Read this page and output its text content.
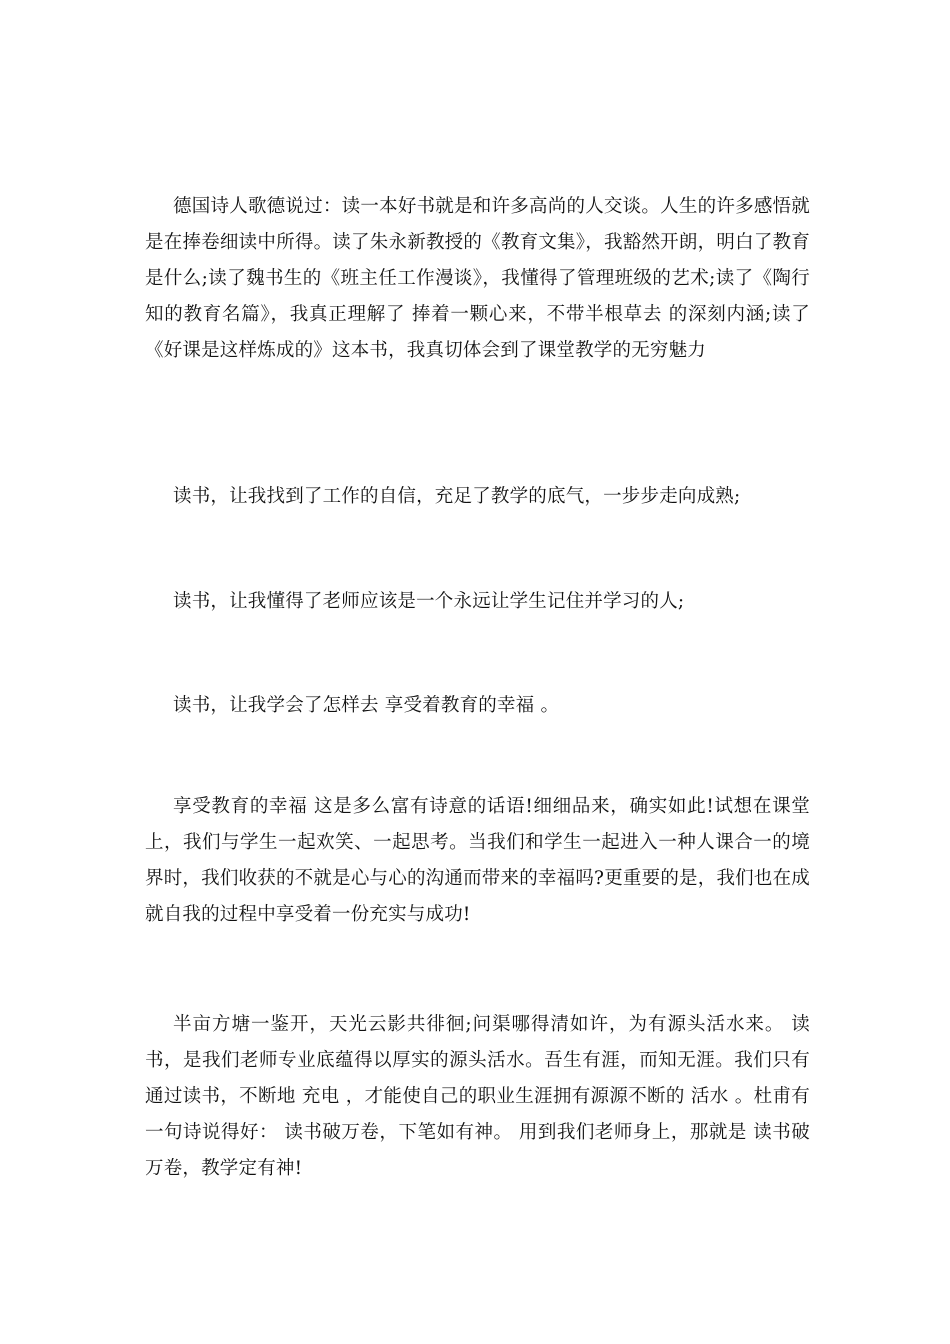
德国诗人歌德说过：读一本好书就是和许多高尚的人交谈。人生的许多感悟就是在捧卷细读中所得。读了朱永新教授的《教育文集》，我豁然开朗，明白了教育是什么;读了魏书生的《班主任工作漫谈》，我懂得了管理班级的艺术;读了《陶行知的教育名篇》，我真正理解了 捧着一颗心来，不带半根草去 的深刻内涵;读了《好课是这样炼成的》这本书，我真切体会到了课堂教学的无穷魅力

读书，让我找到了工作的自信，充足了教学的底气，一步步走向成熟;

读书，让我懂得了老师应该是一个永远让学生记住并学习的人;

读书，让我学会了怎样去 享受着教育的幸福 。

享受教育的幸福 这是多么富有诗意的话语!细细品来，确实如此!试想在课堂上，我们与学生一起欢笑、一起思考。当我们和学生一起进入一种人课合一的境界时，我们收获的不就是心与心的沟通而带来的幸福吗?更重要的是，我们也在成就自我的过程中享受着一份充实与成功!

半亩方塘一鉴开，天光云影共徘徊;问渠哪得清如许，为有源头活水来。 读书，是我们老师专业底蕴得以厚实的源头活水。吾生有涯，而知无涯。我们只有通过读书，不断地 充电 ，才能使自己的职业生涯拥有源源不断的 活水 。杜甫有一句诗说得好： 读书破万卷，下笔如有神。 用到我们老师身上，那就是 读书破万卷，教学定有神!
